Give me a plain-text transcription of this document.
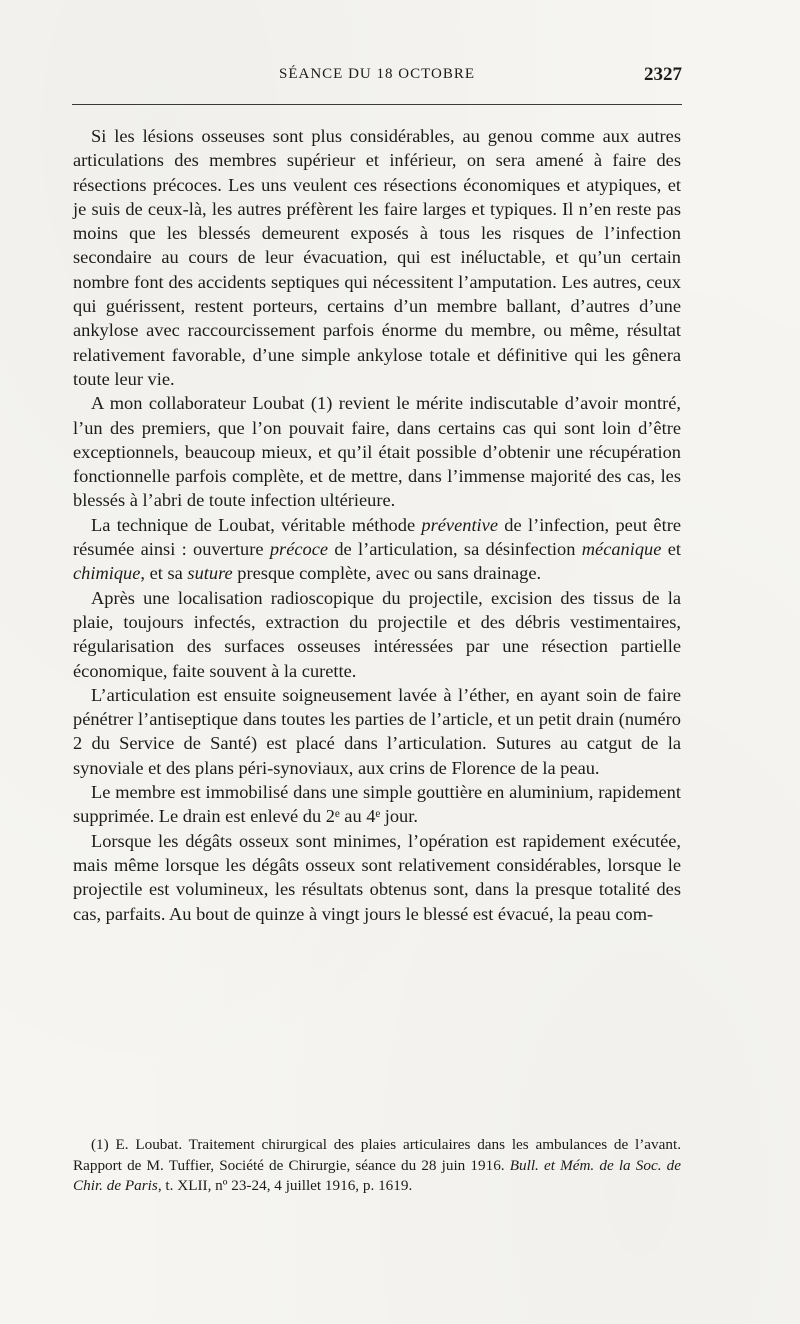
SÉANCE DU 18 OCTOBRE	2327

Si les lésions osseuses sont plus considérables, au genou comme aux autres articulations des membres supérieur et inférieur, on sera amené à faire des résections précoces. Les uns veulent ces résections économiques et atypiques, et je suis de ceux-là, les autres préfèrent les faire larges et typiques. Il n’en reste pas moins que les blessés demeurent exposés à tous les risques de l’infection secondaire au cours de leur évacuation, qui est inéluctable, et qu’un certain nombre font des accidents septiques qui nécessitent l’amputation. Les autres, ceux qui guérissent, restent porteurs, certains d’un membre ballant, d’autres d’une ankylose avec raccourcissement parfois énorme du membre, ou même, résultat relativement favorable, d’une simple ankylose totale et définitive qui les gênera toute leur vie.

A mon collaborateur Loubat (1) revient le mérite indiscutable d’avoir montré, l’un des premiers, que l’on pouvait faire, dans certains cas qui sont loin d’être exceptionnels, beaucoup mieux, et qu’il était possible d’obtenir une récupération fonctionnelle parfois complète, et de mettre, dans l’immense majorité des cas, les blessés à l’abri de toute infection ultérieure.

La technique de Loubat, véritable méthode préventive de l’infection, peut être résumée ainsi : ouverture précoce de l’articulation, sa désinfection mécanique et chimique, et sa suture presque complète, avec ou sans drainage.

Après une localisation radioscopique du projectile, excision des tissus de la plaie, toujours infectés, extraction du projectile et des débris vestimentaires, régularisation des surfaces osseuses intéressées par une résection partielle économique, faite souvent à la curette.

L’articulation est ensuite soigneusement lavée à l’éther, en ayant soin de faire pénétrer l’antiseptique dans toutes les parties de l’article, et un petit drain (numéro 2 du Service de Santé) est placé dans l’articulation. Sutures au catgut de la synoviale et des plans péri-synoviaux, aux crins de Florence de la peau.

Le membre est immobilisé dans une simple gouttière en aluminium, rapidement supprimée. Le drain est enlevé du 2ᵉ au 4ᵉ jour.

Lorsque les dégâts osseux sont minimes, l’opération est rapidement exécutée, mais même lorsque les dégâts osseux sont relativement considérables, lorsque le projectile est volumineux, les résultats obtenus sont, dans la presque totalité des cas, parfaits. Au bout de quinze à vingt jours le blessé est évacué, la peau com-

(1) E. Loubat. Traitement chirurgical des plaies articulaires dans les ambulances de l’avant. Rapport de M. Tuffier, Société de Chirurgie, séance du 28 juin 1916. Bull. et Mém. de la Soc. de Chir. de Paris, t. XLII, nº 23-24, 4 juillet 1916, p. 1619.
